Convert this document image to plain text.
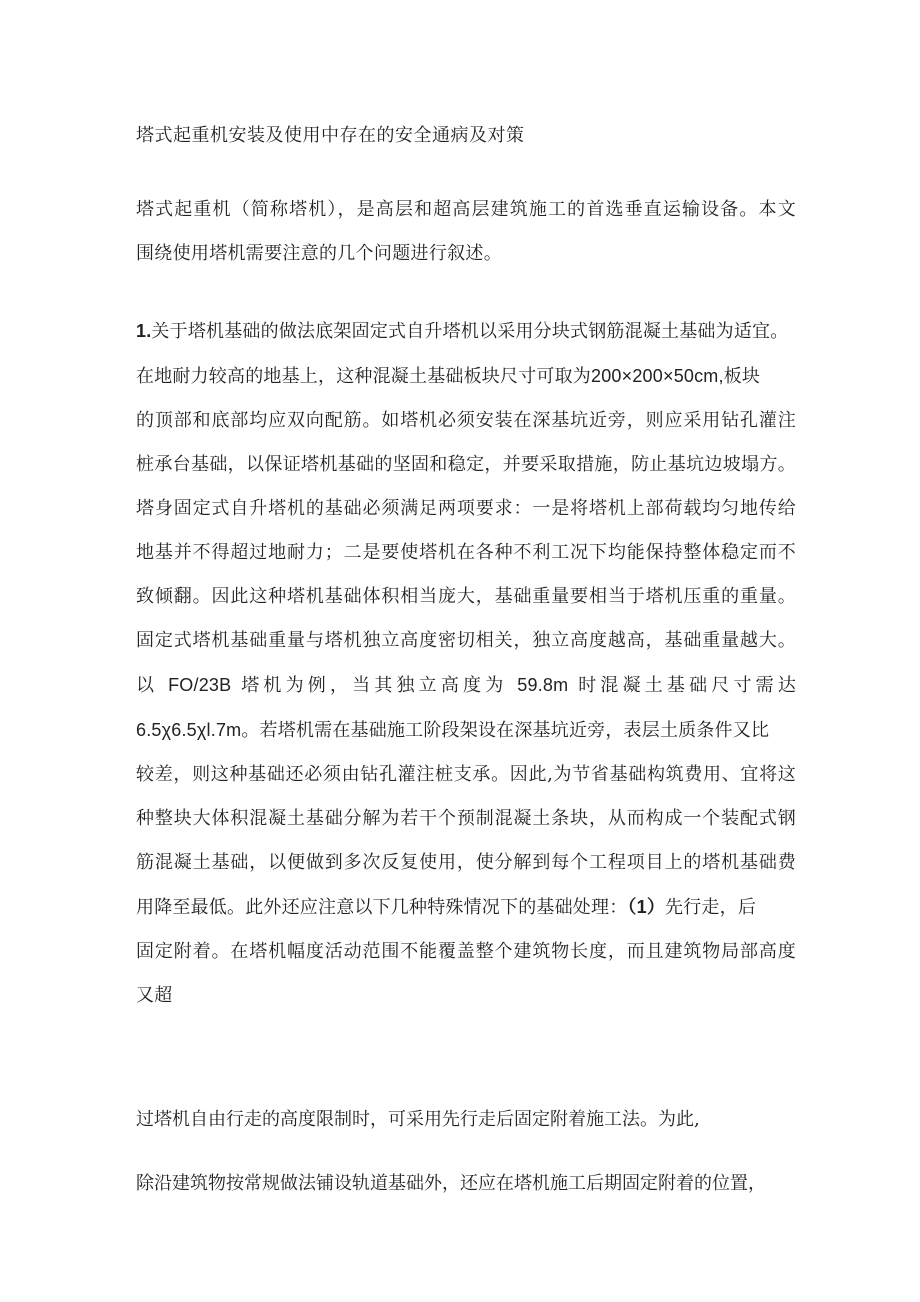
塔式起重机安装及使用中存在的安全通病及对策
塔式起重机（简称塔机），是高层和超高层建筑施工的首选垂直运输设备。本文
围绕使用塔机需要注意的几个问题进行叙述。
1.关于塔机基础的做法底架固定式自升塔机以采用分块式钢筋混凝土基础为适宜。
在地耐力较高的地基上，这种混凝土基础板块尺寸可取为200×200×50cm,板块
的顶部和底部均应双向配筋。如塔机必须安装在深基坑近旁，则应采用钻孔灌注
桩承台基础，以保证塔机基础的坚固和稳定，并要采取措施，防止基坑边坡塌方。
塔身固定式自升塔机的基础必须满足两项要求：一是将塔机上部荷载均匀地传给
地基并不得超过地耐力；二是要使塔机在各种不利工况下均能保持整体稳定而不
致倾翻。因此这种塔机基础体积相当庞大，基础重量要相当于塔机压重的重量。
固定式塔机基础重量与塔机独立高度密切相关，独立高度越高，基础重量越大。
以 FO/23B 塔机为例，当其独立高度为 59.8m 时混凝土基础尺寸需达
6.5χ6.5χl.7m。若塔机需在基础施工阶段架设在深基坑近旁，表层土质条件又比
较差，则这种基础还必须由钻孔灌注桩支承。因此,为节省基础构筑费用、宜将这
种整块大体积混凝土基础分解为若干个预制混凝土条块，从而构成一个装配式钢
筋混凝土基础，以便做到多次反复使用，使分解到每个工程项目上的塔机基础费
用降至最低。此外还应注意以下几种特殊情况下的基础处理：（1）先行走，后
固定附着。在塔机幅度活动范围不能覆盖整个建筑物长度，而且建筑物局部高度
又超
过塔机自由行走的高度限制时，可采用先行走后固定附着施工法。为此,
除沿建筑物按常规做法铺设轨道基础外，还应在塔机施工后期固定附着的位置，
